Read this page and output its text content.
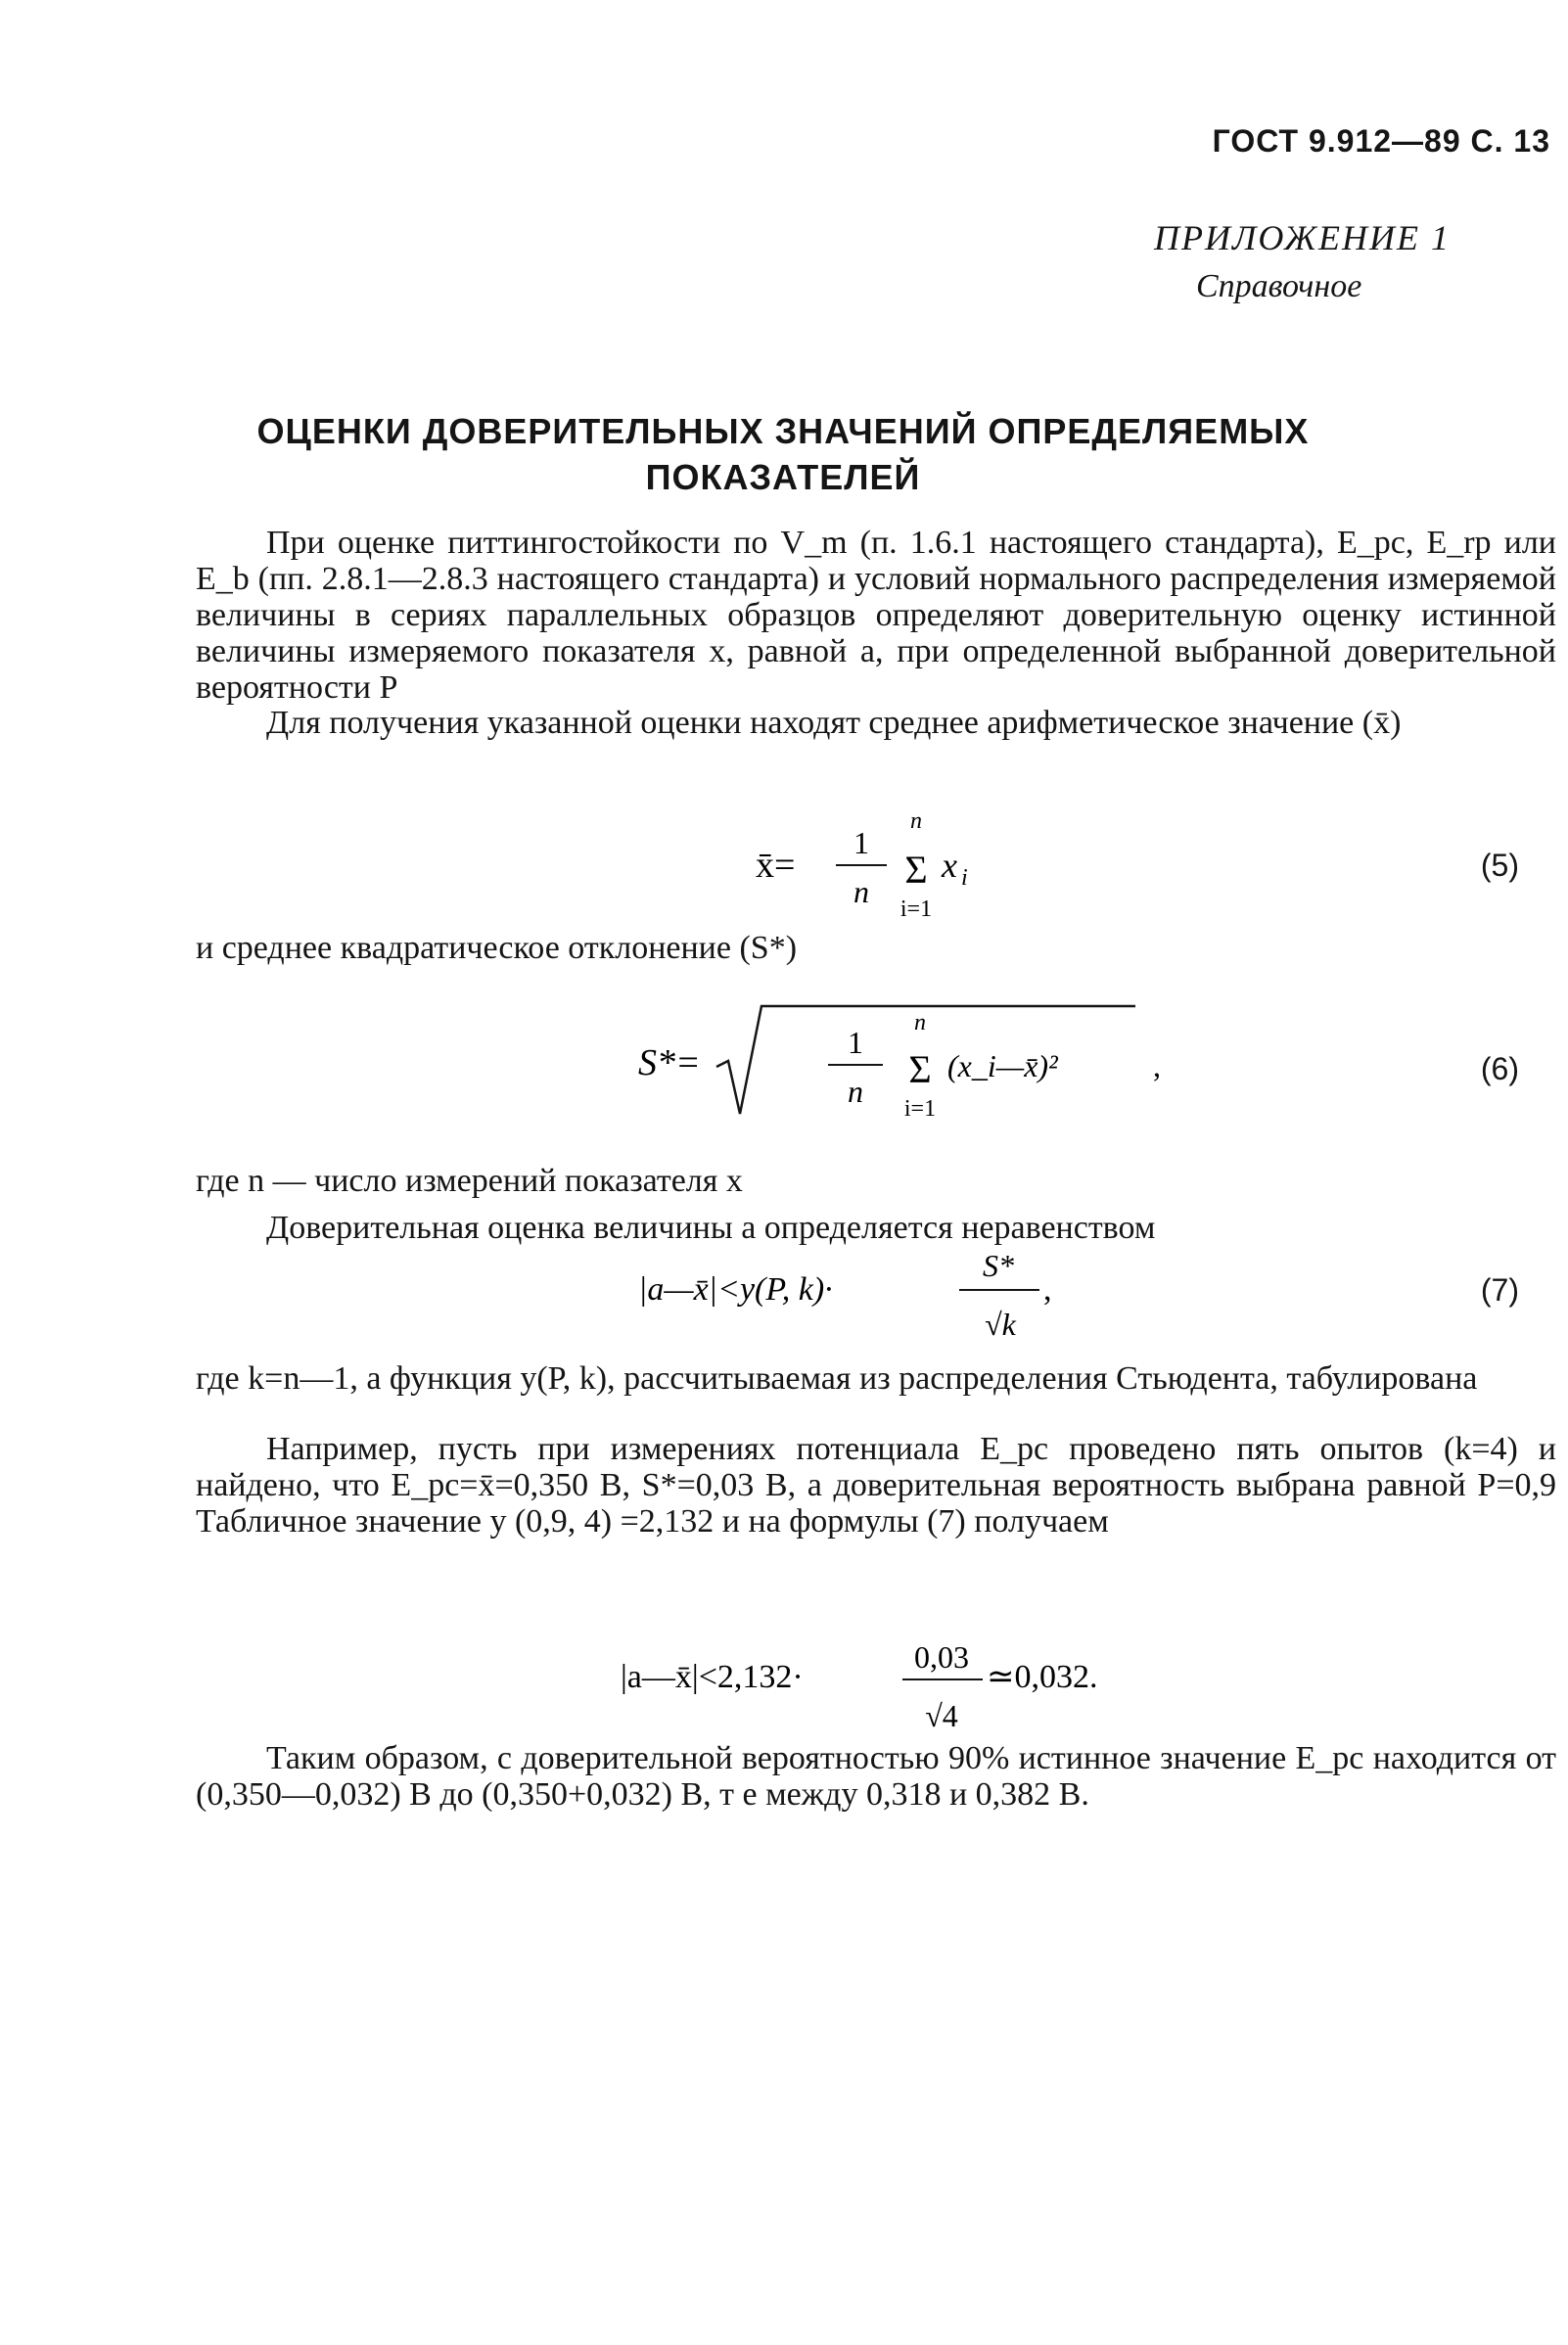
ГОСТ 9.912—89 С. 13
ПРИЛОЖЕНИЕ 1
Справочное
ОЦЕНКИ ДОВЕРИТЕЛЬНЫХ ЗНАЧЕНИЙ ОПРЕДЕЛЯЕМЫХ
ПОКАЗАТЕЛЕЙ

При оценке питтингостойкости по V_m (п. 1.6.1 настоящего стандарта), E_pc, E_rp или E_b (пп. 2.8.1—2.8.3 настоящего стандарта) и условий нормального распределения измеряемой величины в сериях параллельных образцов определяют доверительную оценку истинной величины измеряемого показателя x, равной a, при определенной выбранной доверительной вероятности P

Для получения указанной оценки находят среднее арифметическое значение (x̄)

x̄=
1
n
n
Σ
i=1
x i	(5)

где n — число измерений показателя x

Доверительная оценка величины a определяется неравенством

и среднее квадратическое отклонение (S*)
S*=	1
n
n
Σ
i=1
(x_i—x̄)²	,	(6)
|a—x̄|<y(P, k)·
S*
√k
,	(7)

где k=n—1, а функция y(P, k), рассчитываемая из распределения Стьюдента, табулирована

Например, пусть при измерениях потенциала E_pc проведено пять опытов (k=4) и найдено, что E_pc=x̄=0,350 В, S*=0,03 В, а доверительная вероятность выбрана равной P=0,9 Табличное значение y (0,9, 4) =2,132 и на формулы (7) получаем

|a—x̄|<2,132·
0,03
√4
≃0,032.

Таким образом, с доверительной вероятностью 90% истинное значение E_pc находится от (0,350—0,032) В до (0,350+0,032) В, т е между 0,318 и 0,382 В.
